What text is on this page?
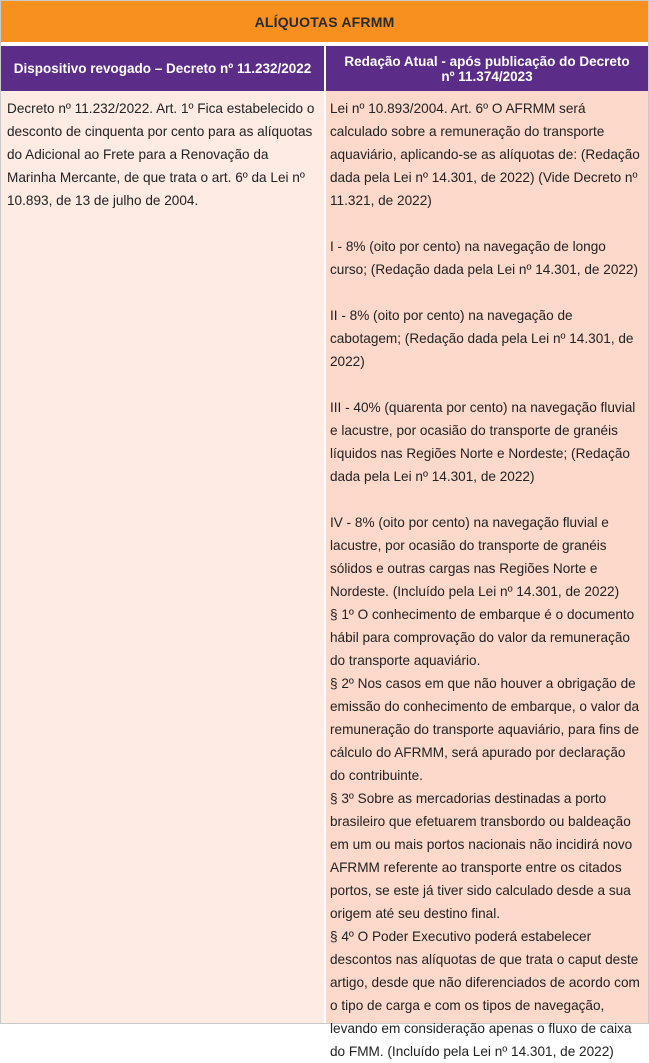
ALÍQUOTAS AFRMM
Dispositivo revogado – Decreto nº 11.232/2022	Redação Atual - após publicação do Decreto nº 11.374/2023

Decreto nº 11.232/2022. Art. 1º Fica estabelecido o desconto de cinquenta por cento para as alíquotas do Adicional ao Frete para a Renovação da Marinha Mercante, de que trata o art. 6º da Lei nº 10.893, de 13 de julho de 2004.

Lei nº 10.893/2004. Art. 6º O AFRMM será calculado sobre a remuneração do transporte aquaviário, aplicando-se as alíquotas de: (Redação dada pela Lei nº 14.301, de 2022) (Vide Decreto nº 11.321, de 2022)

I - 8% (oito por cento) na navegação de longo curso; (Redação dada pela Lei nº 14.301, de 2022)

II - 8% (oito por cento) na navegação de cabotagem; (Redação dada pela Lei nº 14.301, de 2022)

III - 40% (quarenta por cento) na navegação fluvial e lacustre, por ocasião do transporte de granéis líquidos nas Regiões Norte e Nordeste; (Redação dada pela Lei nº 14.301, de 2022)

IV - 8% (oito por cento) na navegação fluvial e lacustre, por ocasião do transporte de granéis sólidos e outras cargas nas Regiões Norte e Nordeste. (Incluído pela Lei nº 14.301, de 2022)

§ 1º O conhecimento de embarque é o documento hábil para comprovação do valor da remuneração do transporte aquaviário.

§ 2º Nos casos em que não houver a obrigação de emissão do conhecimento de embarque, o valor da remuneração do transporte aquaviário, para fins de cálculo do AFRMM, será apurado por declaração do contribuinte.

§ 3º Sobre as mercadorias destinadas a porto brasileiro que efetuarem transbordo ou baldeação em um ou mais portos nacionais não incidirá novo AFRMM referente ao transporte entre os citados portos, se este já tiver sido calculado desde a sua origem até seu destino final.

§ 4º O Poder Executivo poderá estabelecer descontos nas alíquotas de que trata o caput deste artigo, desde que não diferenciados de acordo com o tipo de carga e com os tipos de navegação, levando em consideração apenas o fluxo de caixa do FMM. (Incluído pela Lei nº 14.301, de 2022)
